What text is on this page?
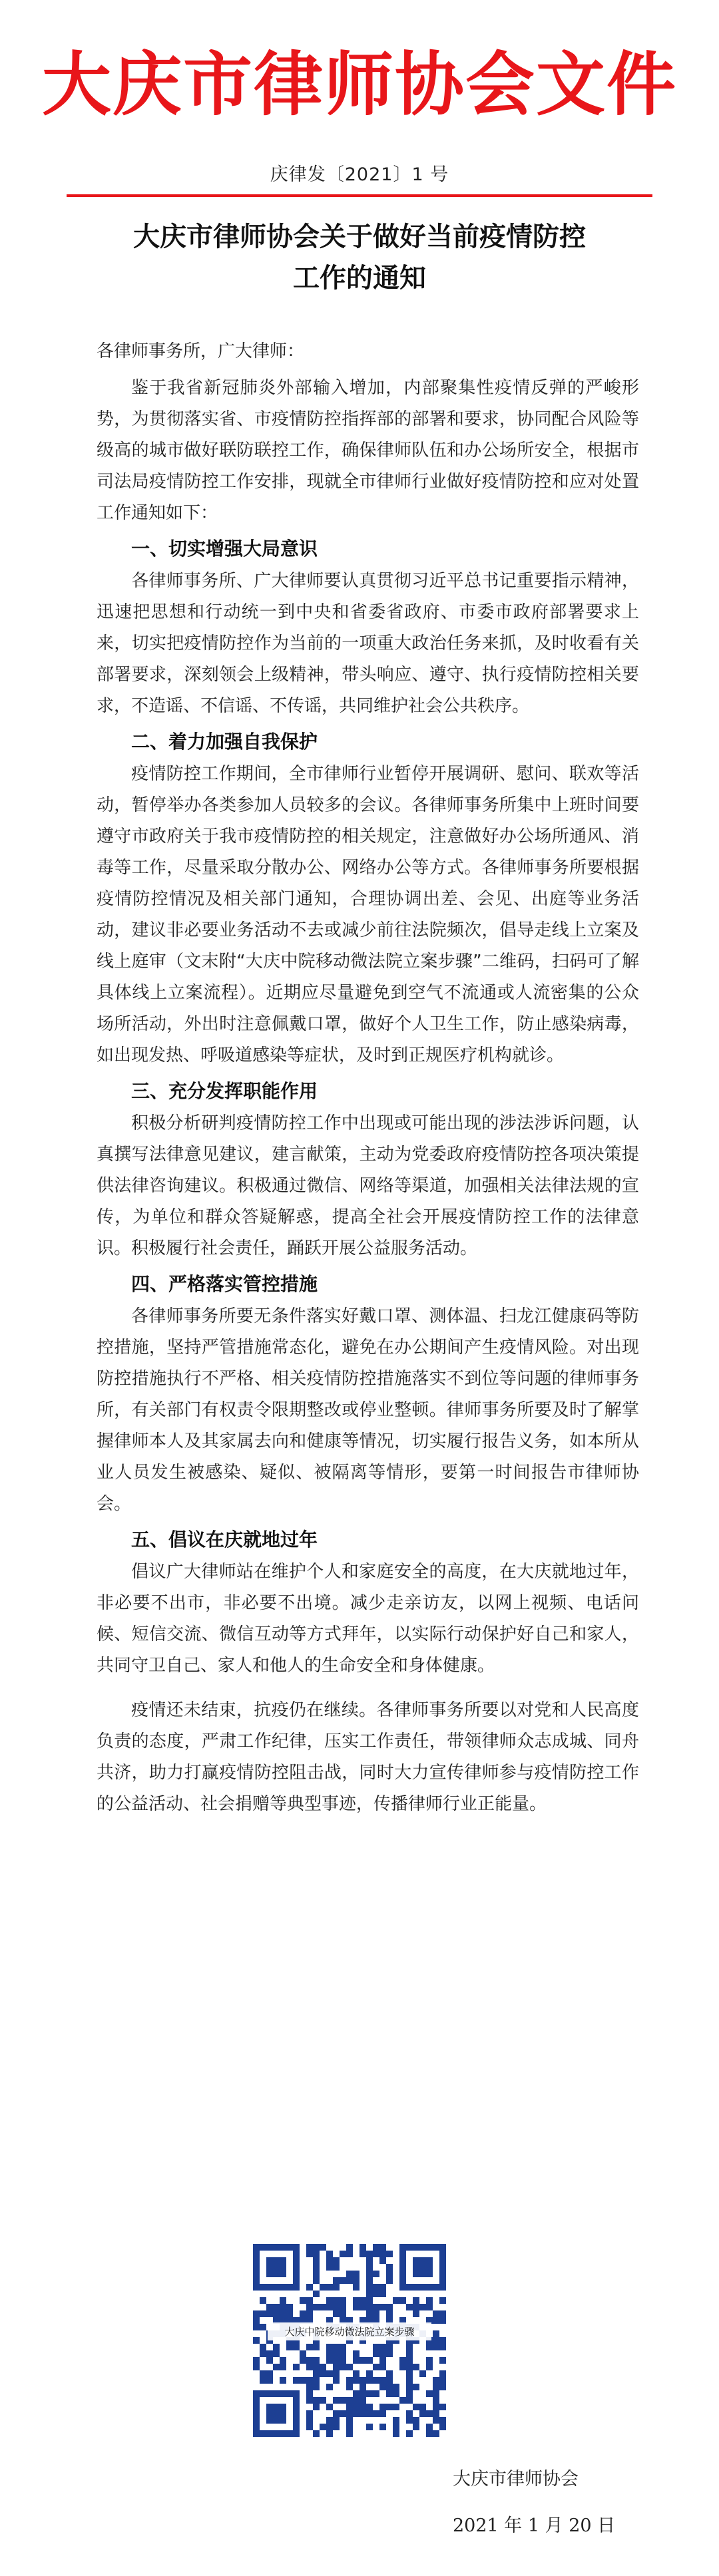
大庆市律师协会文件
庆律发〔2021〕1 号
大庆市律师协会关于做好当前疫情防控
工作的通知

各律师事务所，广大律师：

鉴于我省新冠肺炎外部输入增加，内部聚集性疫情反弹的严峻形势，为贯彻落实省、市疫情防控指挥部的部署和要求，协同配合风险等级高的城市做好联防联控工作，确保律师队伍和办公场所安全，根据市司法局疫情防控工作安排，现就全市律师行业做好疫情防控和应对处置工作通知如下：

一、切实增强大局意识

各律师事务所、广大律师要认真贯彻习近平总书记重要指示精神，迅速把思想和行动统一到中央和省委省政府、市委市政府部署要求上来，切实把疫情防控作为当前的一项重大政治任务来抓，及时收看有关部署要求，深刻领会上级精神，带头响应、遵守、执行疫情防控相关要求，不造谣、不信谣、不传谣，共同维护社会公共秩序。

二、着力加强自我保护

疫情防控工作期间，全市律师行业暂停开展调研、慰问、联欢等活动，暂停举办各类参加人员较多的会议。各律师事务所集中上班时间要遵守市政府关于我市疫情防控的相关规定，注意做好办公场所通风、消毒等工作，尽量采取分散办公、网络办公等方式。各律师事务所要根据疫情防控情况及相关部门通知，合理协调出差、会见、出庭等业务活动，建议非必要业务活动不去或减少前往法院频次，倡导走线上立案及线上庭审（文末附“大庆中院移动微法院立案步骤”二维码，扫码可了解具体线上立案流程）。近期应尽量避免到空气不流通或人流密集的公众场所活动，外出时注意佩戴口罩，做好个人卫生工作，防止感染病毒，如出现发热、呼吸道感染等症状，及时到正规医疗机构就诊。

三、充分发挥职能作用

积极分析研判疫情防控工作中出现或可能出现的涉法涉诉问题，认真撰写法律意见建议，建言献策，主动为党委政府疫情防控各项决策提供法律咨询建议。积极通过微信、网络等渠道，加强相关法律法规的宣传，为单位和群众答疑解惑，提高全社会开展疫情防控工作的法律意识。积极履行社会责任，踊跃开展公益服务活动。

四、严格落实管控措施

各律师事务所要无条件落实好戴口罩、测体温、扫龙江健康码等防控措施，坚持严管措施常态化，避免在办公期间产生疫情风险。对出现防控措施执行不严格、相关疫情防控措施落实不到位等问题的律师事务所，有关部门有权责令限期整改或停业整顿。律师事务所要及时了解掌握律师本人及其家属去向和健康等情况，切实履行报告义务，如本所从业人员发生被感染、疑似、被隔离等情形，要第一时间报告市律师协会。

五、倡议在庆就地过年

倡议广大律师站在维护个人和家庭安全的高度，在大庆就地过年，非必要不出市，非必要不出境。减少走亲访友，以网上视频、电话问候、短信交流、微信互动等方式拜年，以实际行动保护好自己和家人，共同守卫自己、家人和他人的生命安全和身体健康。

疫情还未结束，抗疫仍在继续。各律师事务所要以对党和人民高度负责的态度，严肃工作纪律，压实工作责任，带领律师众志成城、同舟共济，助力打赢疫情防控阻击战，同时大力宣传律师参与疫情防控工作的公益活动、社会捐赠等典型事迹，传播律师行业正能量。

大庆中院移动微法院立案步骤
大庆市律师协会
2021 年 1 月 20 日
